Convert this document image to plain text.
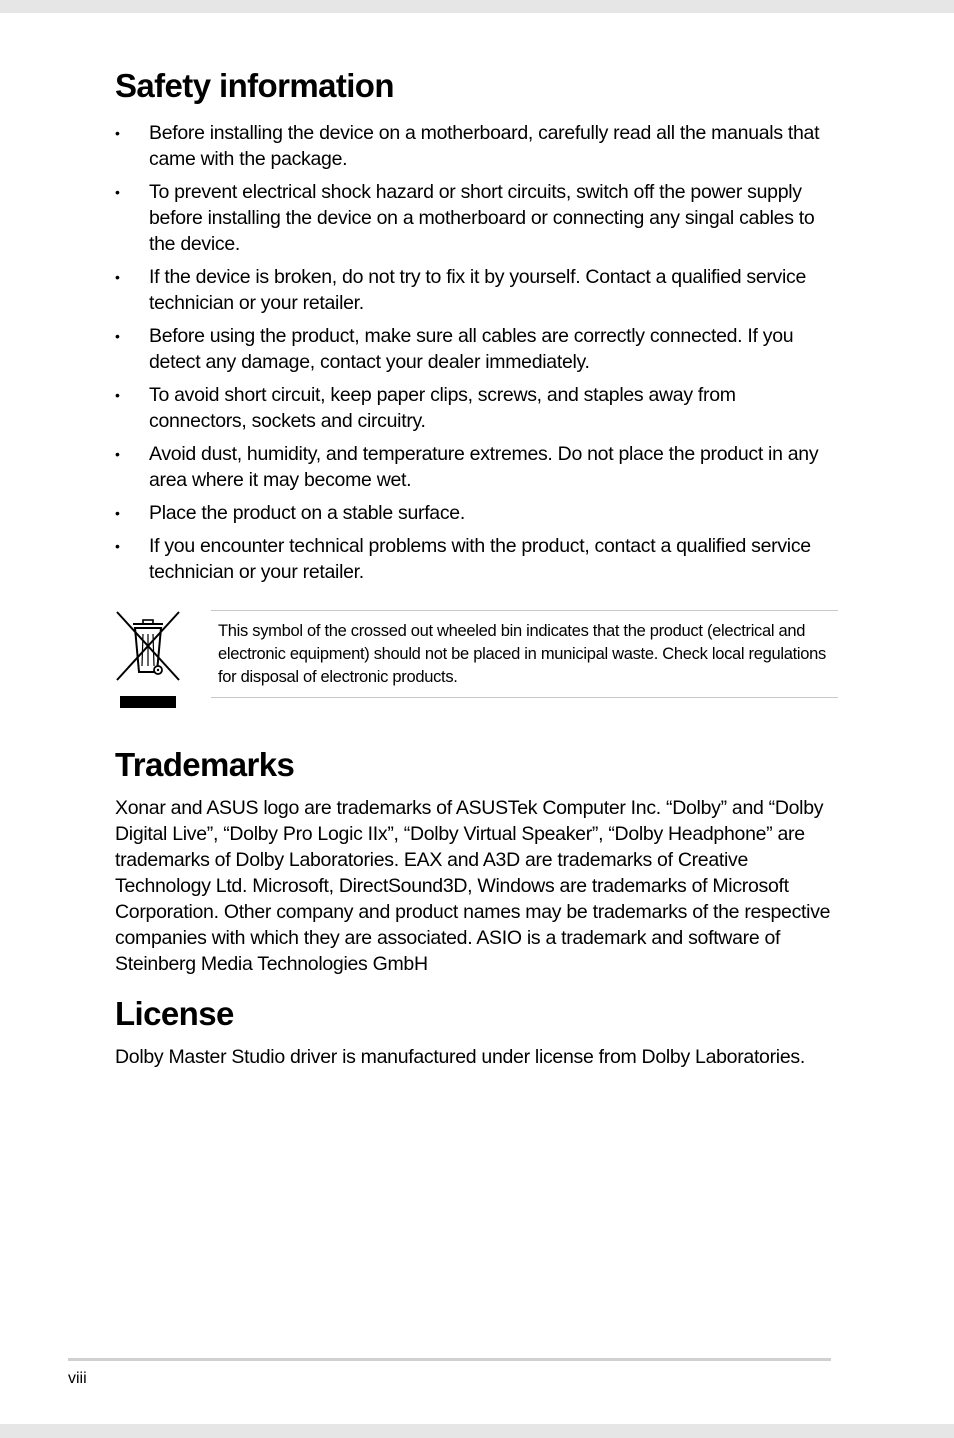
Safety information
• Before installing the device on a motherboard, carefully read all the manuals that came with the package.
• To prevent electrical shock hazard or short circuits, switch off the power supply before installing the device on a motherboard or connecting any singal cables to the device.
• If the device is broken, do not try to fix it by yourself. Contact a qualified service technician or your retailer.
• Before using the product, make sure all cables are correctly connected. If you detect any damage, contact your dealer immediately.
• To avoid short circuit, keep paper clips, screws, and staples away from connectors, sockets and circuitry.
• Avoid dust, humidity, and temperature extremes. Do not place the product in any area where it may become wet.
• Place the product on a stable surface.
• If you encounter technical problems with the product, contact a qualified service technician or your retailer.
This symbol of the crossed out wheeled bin indicates that the product (electrical and electronic equipment) should not be placed in municipal waste. Check local regulations for disposal of electronic products.
Trademarks

Xonar and ASUS logo are trademarks of ASUSTek Computer Inc. “Dolby” and “Dolby Digital Live”, “Dolby Pro Logic IIx”, “Dolby Virtual Speaker”, “Dolby Headphone” are trademarks of Dolby Laboratories. EAX and A3D are trademarks of Creative Technology Ltd. Microsoft, DirectSound3D, Windows are trademarks of Microsoft Corporation. Other company and product names may be trademarks of the respective companies with which they are associated. ASIO is a trademark and software of Steinberg Media Technologies GmbH

License

Dolby Master Studio driver is manufactured under license from Dolby Laboratories.

viii
